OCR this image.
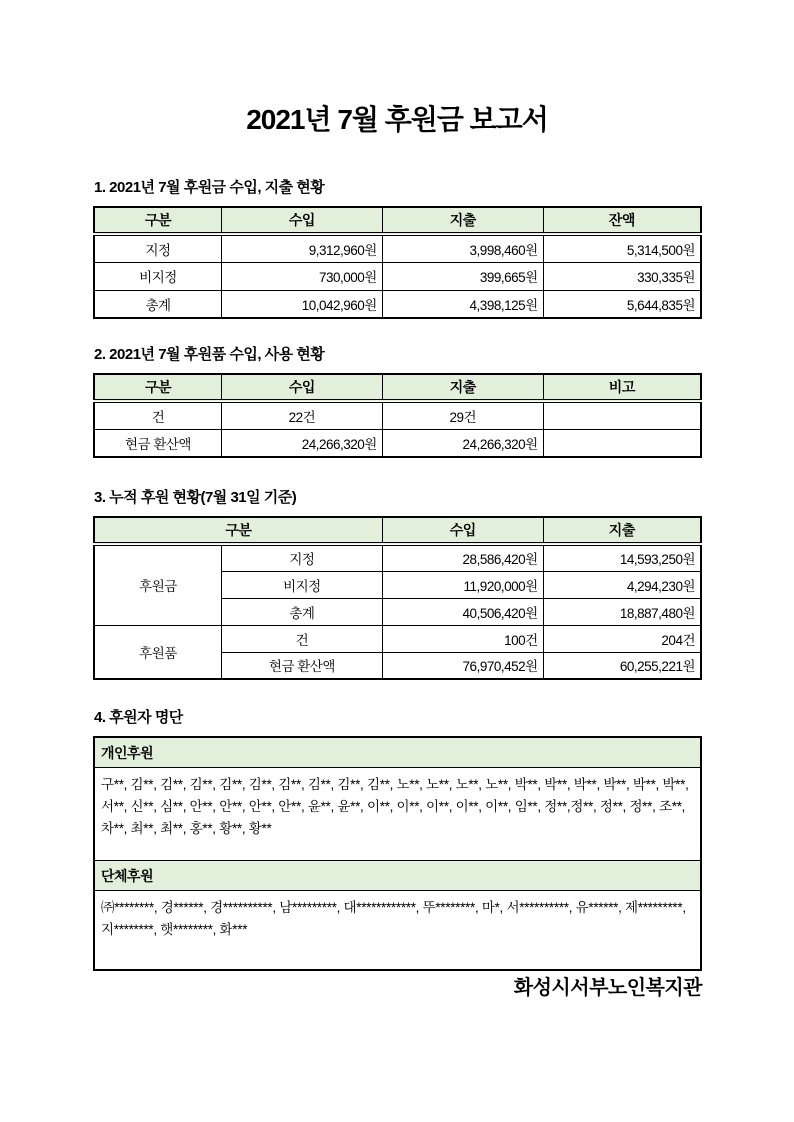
2021년 7월 후원금 보고서
1. 2021년 7월 후원금 수입, 지출 현황
구분	수입	지출	잔액
지정	9,312,960원	3,998,460원	5,314,500원
비지정	730,000원	399,665원	330,335원
총계	10,042,960원	4,398,125원	5,644,835원
2. 2021년 7월 후원품 수입, 사용 현황
구분	수입	지출	비고
건	22건	29건	
현금 환산액	24,266,320원	24,266,320원	
3. 누적 후원 현황(7월 31일 기준)
구분		수입	지출
후원금	지정	28,586,420원	14,593,250원
	비지정	11,920,000원	4,294,230원
	총계	40,506,420원	18,887,480원
후원품	건	100건	204건
	현금 환산액	76,970,452원	60,255,221원
4. 후원자 명단
개인후원
구**, 김**, 김**, 김**, 김**, 김**, 김**, 김**, 김**, 김**, 노**, 노**, 노**, 노**, 박**, 박**, 박**, 박**, 박**, 박**, 서**, 신**, 심**, 안**, 안**, 안**, 안**, 윤**, 윤**, 이**, 이**, 이**, 이**, 이**, 임**, 정**,정**, 정**, 정**, 조**, 차**, 최**, 최**, 홍**, 황**, 황**
단체후원
㈜********, 경******, 경**********, 남*********, 대************, 뚜********, 마*, 서**********, 유******, 제*********, 지********, 햇********, 화***
화성시서부노인복지관
